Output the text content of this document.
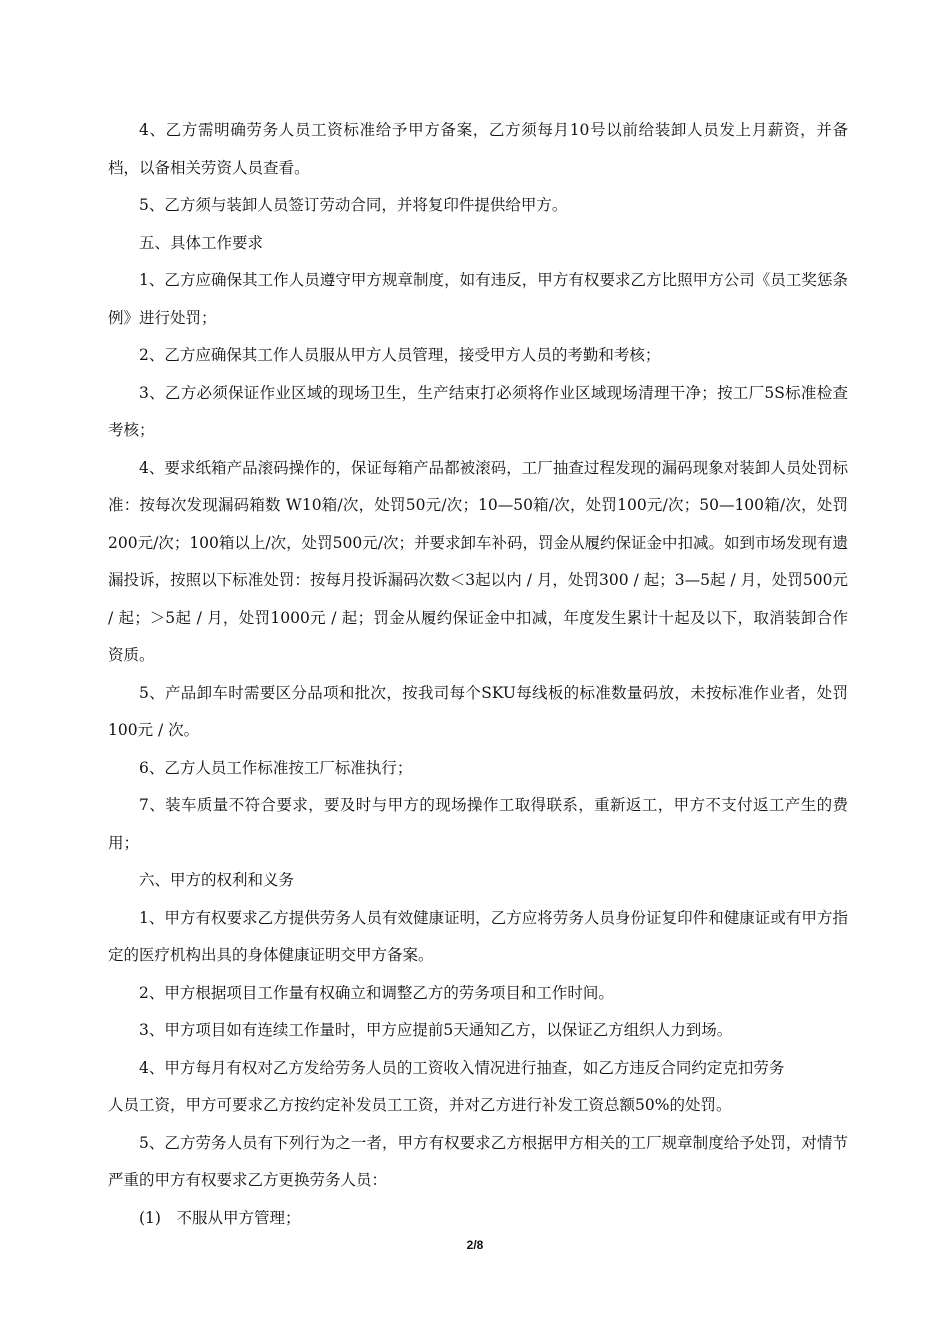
4、乙方需明确劳务人员工资标准给予甲方备案，乙方须每月10号以前给装卸人员发上月薪资，并备档，以备相关劳资人员查看。

5、乙方须与装卸人员签订劳动合同，并将复印件提供给甲方。

五、具体工作要求

1、乙方应确保其工作人员遵守甲方规章制度，如有违反，甲方有权要求乙方比照甲方公司《员工奖惩条例》进行处罚；

2、乙方应确保其工作人员服从甲方人员管理，接受甲方人员的考勤和考核；

3、乙方必须保证作业区域的现场卫生，生产结束打必须将作业区域现场清理干净；按工厂5S标准检查考核；

4、要求纸箱产品滚码操作的，保证每箱产品都被滚码，工厂抽查过程发现的漏码现象对装卸人员处罚标准：按每次发现漏码箱数 W10箱/次，处罚50元/次；10—50箱/次，处罚100元/次；50—100箱/次，处罚200元/次；100箱以上/次，处罚500元/次；并要求卸车补码，罚金从履约保证金中扣减。如到市场发现有遗漏投诉，按照以下标准处罚：按每月投诉漏码次数＜3起以内 / 月，处罚300 / 起；3—5起 / 月，处罚500元 / 起；＞5起 / 月，处罚1000元 / 起；罚金从履约保证金中扣减，年度发生累计十起及以下，取消装卸合作资质。

5、产品卸车时需要区分品项和批次，按我司每个SKU每线板的标准数量码放，未按标准作业者，处罚100元 / 次。

6、乙方人员工作标准按工厂标准执行；

7、装车质量不符合要求，要及时与甲方的现场操作工取得联系，重新返工，甲方不支付返工产生的费用；

六、甲方的权利和义务

1、甲方有权要求乙方提供劳务人员有效健康证明，乙方应将劳务人员身份证复印件和健康证或有甲方指定的医疗机构出具的身体健康证明交甲方备案。

2、甲方根据项目工作量有权确立和调整乙方的劳务项目和工作时间。

3、甲方项目如有连续工作量时，甲方应提前5天通知乙方，以保证乙方组织人力到场。

4、甲方每月有权对乙方发给劳务人员的工资收入情况进行抽查，如乙方违反合同约定克扣劳务

人员工资，甲方可要求乙方按约定补发员工工资，并对乙方进行补发工资总额50%的处罚。

5、乙方劳务人员有下列行为之一者，甲方有权要求乙方根据甲方相关的工厂规章制度给予处罚，对情节严重的甲方有权要求乙方更换劳务人员：

(1)　不服从甲方管理；

2/8
